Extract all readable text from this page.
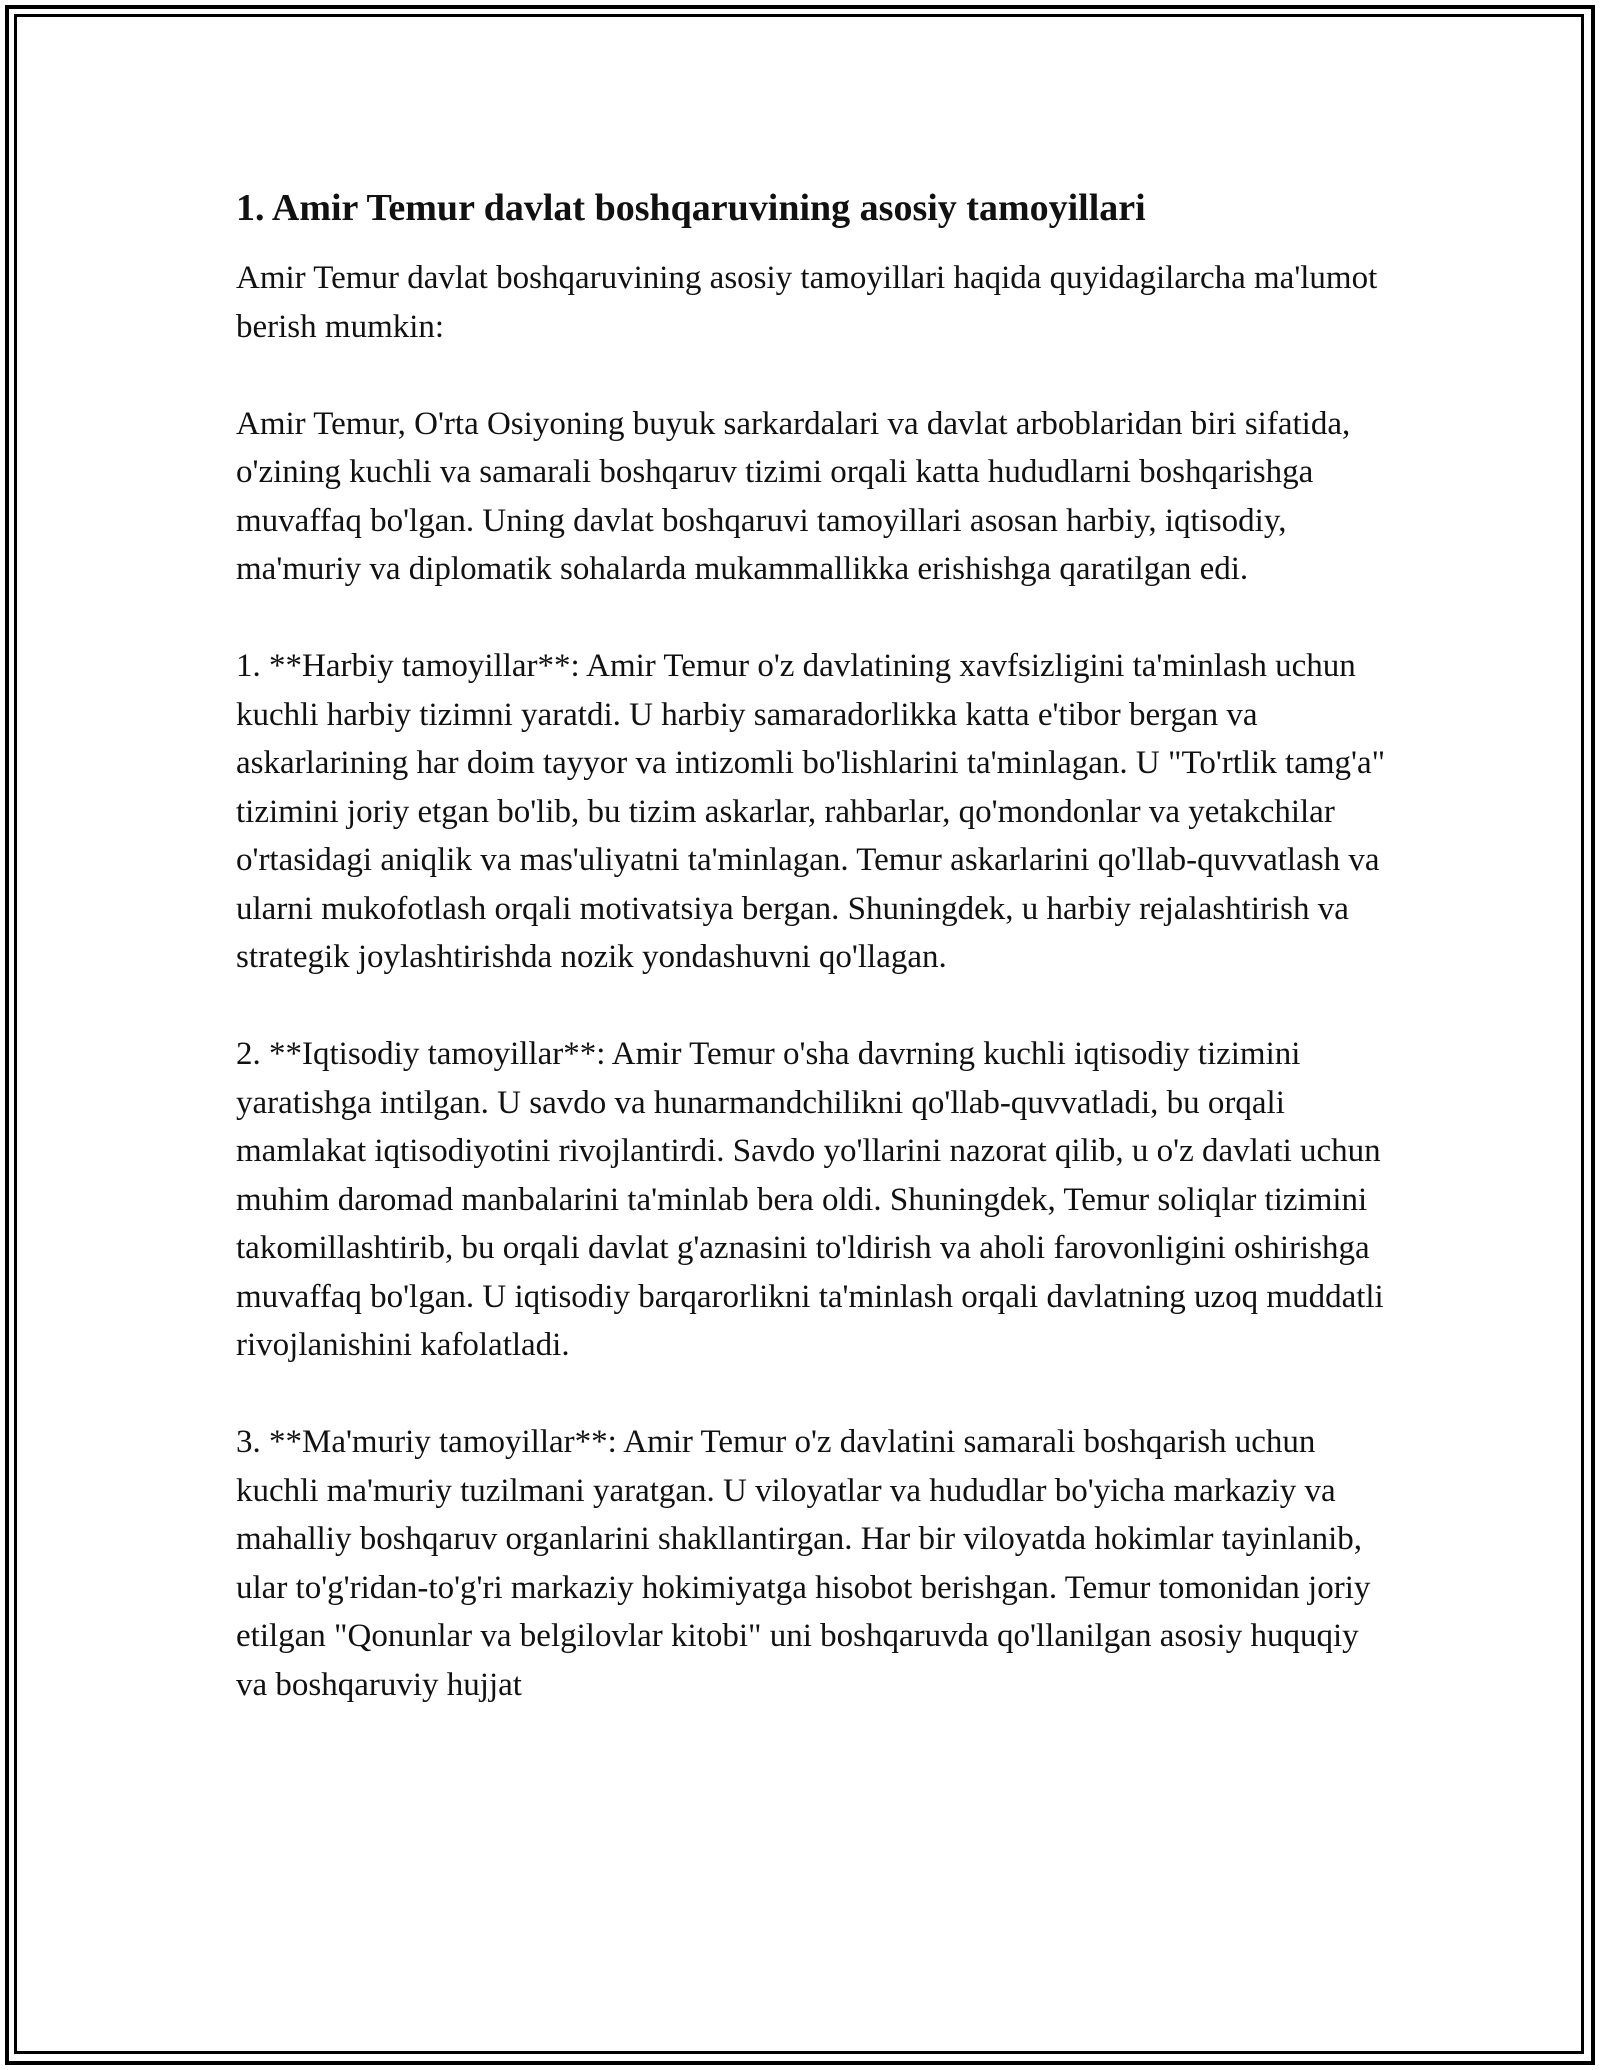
1. Amir Temur davlat boshqaruvining asosiy tamoyillari

Amir Temur davlat boshqaruvining asosiy tamoyillari haqida quyidagilarcha ma'lumot berish mumkin:

Amir Temur, O'rta Osiyoning buyuk sarkardalari va davlat arboblaridan biri sifatida, o'zining kuchli va samarali boshqaruv tizimi orqali katta hududlarni boshqarishga muvaffaq bo'lgan. Uning davlat boshqaruvi tamoyillari asosan harbiy, iqtisodiy, ma'muriy va diplomatik sohalarda mukammallikka erishishga qaratilgan edi.

1. **Harbiy tamoyillar**: Amir Temur o'z davlatining xavfsizligini ta'minlash uchun kuchli harbiy tizimni yaratdi. U harbiy samaradorlikka katta e'tibor bergan va askarlarining har doim tayyor va intizomli bo'lishlarini ta'minlagan. U "To'rtlik tamg'a" tizimini joriy etgan bo'lib, bu tizim askarlar, rahbarlar, qo'mondonlar va yetakchilar o'rtasidagi aniqlik va mas'uliyatni ta'minlagan. Temur askarlarini qo'llab-quvvatlash va ularni mukofotlash orqali motivatsiya bergan. Shuningdek, u harbiy rejalashtirish va strategik joylashtirishda nozik yondashuvni qo'llagan.

2. **Iqtisodiy tamoyillar**: Amir Temur o'sha davrning kuchli iqtisodiy tizimini yaratishga intilgan. U savdo va hunarmandchilikni qo'llab-quvvatladi, bu orqali mamlakat iqtisodiyotini rivojlantirdi. Savdo yo'llarini nazorat qilib, u o'z davlati uchun muhim daromad manbalarini ta'minlab bera oldi. Shuningdek, Temur soliqlar tizimini takomillashtirib, bu orqali davlat g'aznasini to'ldirish va aholi farovonligini oshirishga muvaffaq bo'lgan. U iqtisodiy barqarorlikni ta'minlash orqali davlatning uzoq muddatli rivojlanishini kafolatladi.

3. **Ma'muriy tamoyillar**: Amir Temur o'z davlatini samarali boshqarish uchun kuchli ma'muriy tuzilmani yaratgan. U viloyatlar va hududlar bo'yicha markaziy va mahalliy boshqaruv organlarini shakllantirgan. Har bir viloyatda hokimlar tayinlanib, ular to'g'ridan-to'g'ri markaziy hokimiyatga hisobot berishgan. Temur tomonidan joriy etilgan "Qonunlar va belgilovlar kitobi" uni boshqaruvda qo'llanilgan asosiy huquqiy va boshqaruviy hujjat
